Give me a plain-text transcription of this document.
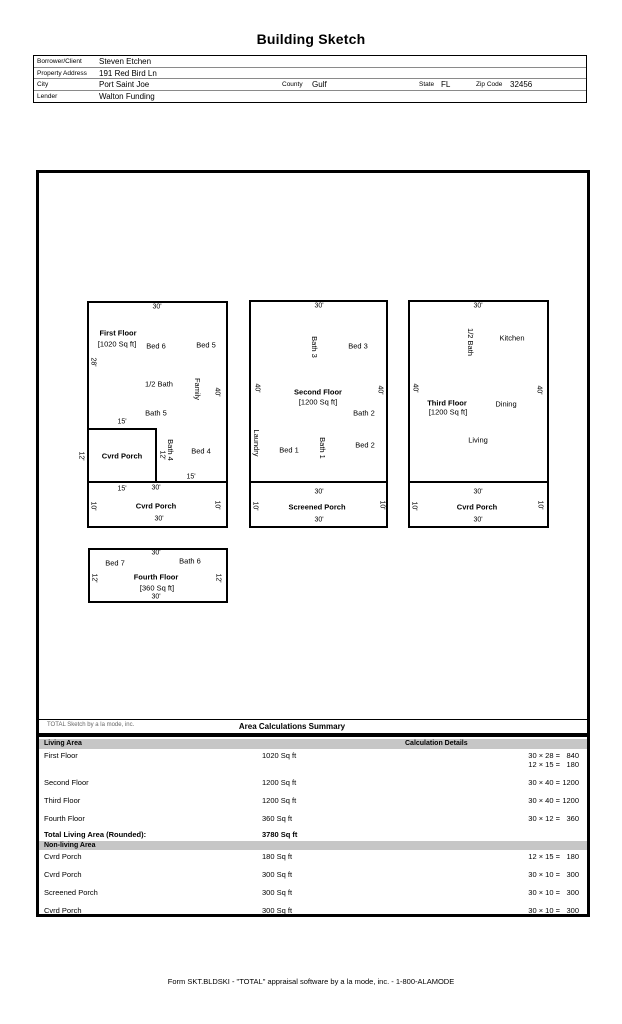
Building Sketch
Borrower/Client Steven Etchen
Property Address 191 Red Bird Ln
City	Port Saint Joe	County Gulf	State FL	Zip Code 32456
Lender	Walton Funding
30'
First Floor
[1020 Sq ft] Bed 6	Bed 5
28'
1/2 Bath	Family 40'
Bath 5
15'
12' Cvrd Porch 12' Bath 4 Bed 4
15'
15'	30'
10'	Cvrd Porch	10'
30'
30'
Bath 3	Bed 3
40'	Second Floor
[1200 Sq ft]
40'
Bath 2
Laundry Bed 1	Bath 1	Bed 2
30'
10'	Screened Porch	10'
30'
30'
1/2 Bath	Kitchen
40'
Third Floor
[1200 Sq ft]
40'
Dining
Living
30'
10'	Cvrd Porch	10'
30'
30'
Bed 7	Bath 6
12'	Fourth Floor
[360 Sq ft]
12'
30'
TOTAL Sketch by a la mode, inc.	Area Calculations Summary
Living Area	Calculation Details
First Floor	1020 Sq ft	30 × 28 = 840
12 × 15 = 180
Second Floor	1200 Sq ft	30 × 40 = 1200
Third Floor	1200 Sq ft	30 × 40 = 1200
Fourth Floor	360 Sq ft	30 × 12 = 360
Total Living Area (Rounded):	3780 Sq ft
Non-living Area
Cvrd Porch	180 Sq ft	12 × 15 = 180
Cvrd Porch	300 Sq ft	30 × 10 = 300
Screened Porch	300 Sq ft	30 × 10 = 300
Cvrd Porch	300 Sq ft	30 × 10 = 300
Form SKT.BLDSKI - "TOTAL" appraisal software by a la mode, inc. - 1-800-ALAMODE
